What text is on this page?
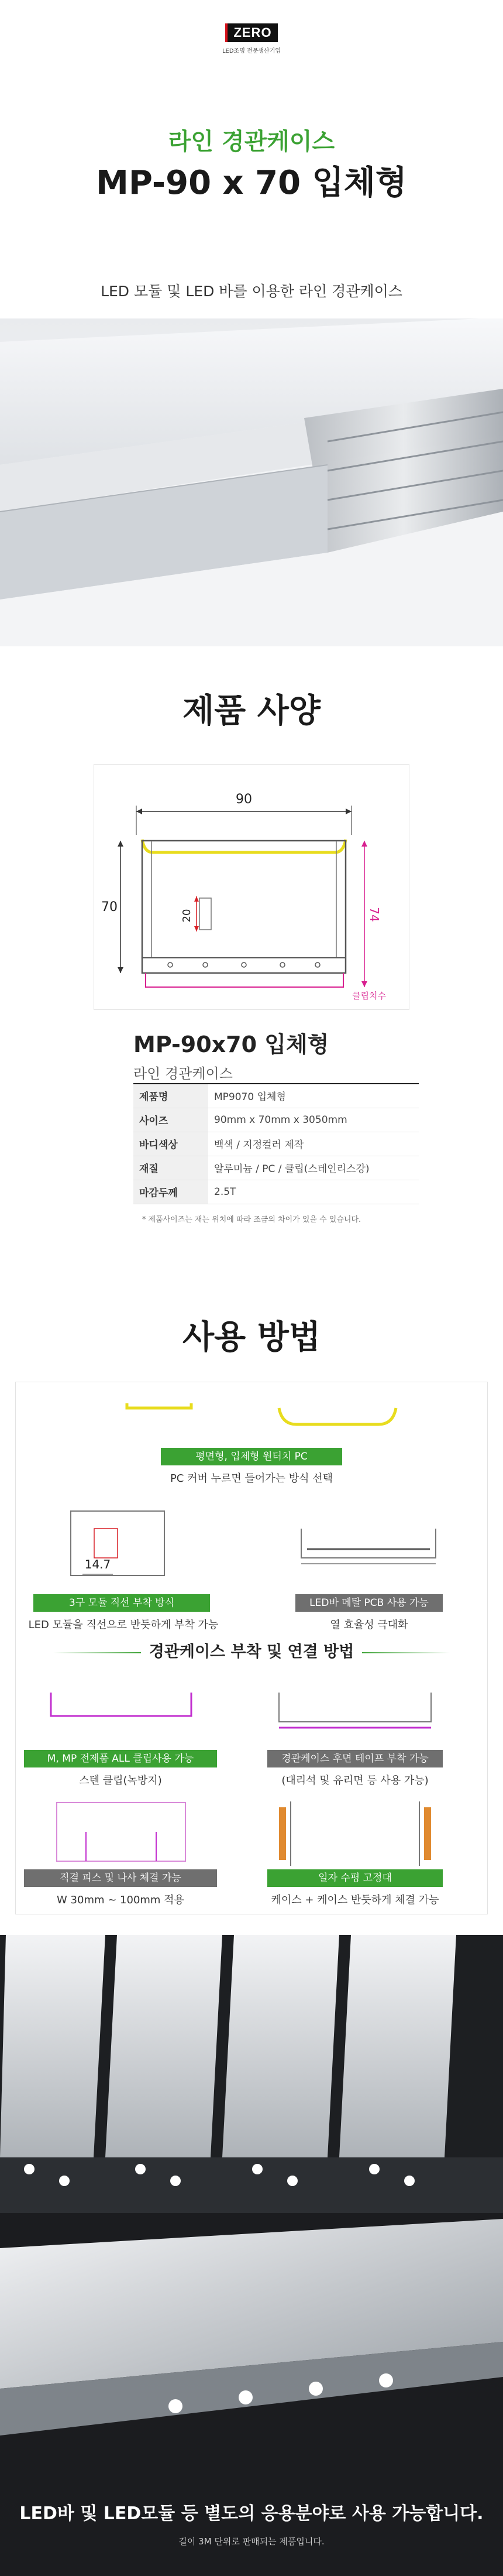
ZERO
LED조명 전문생산기업
라인 경관케이스
MP-90 x 70 입체형
LED 모듈 및 LED 바를 이용한 라인 경관케이스
제품 사양
90
70
20	74
클립치수
MP-90x70 입체형
라인 경관케이스
제품명	MP9070 입체형
사이즈	90mm x 70mm x 3050mm
바디색상	백색 / 지정컬러 제작
재질	알루미늄 / PC / 클립(스테인리스강)
마감두께	2.5T
* 제품사이즈는 재는 위치에 따라 조금의 차이가 있을 수 있습니다.
사용 방법
평면형, 입체형 원터치 PC
PC 커버 누르면 들어가는 방식 선택
14.7
3구 모듈 직선 부착 방식
LED 모듈을 직선으로 반듯하게 부착 가능
LED바 메탈 PCB 사용 가능
열 효율성 극대화
경관케이스 부착 및 연결 방법
M, MP 전제품 ALL 클립사용 가능
스텐 클립(녹방지)
경관케이스 후면 테이프 부착 가능
(대리석 및 유리면 등 사용 가능)
직결 피스 및 나사 체결 가능
W 30mm ~ 100mm 적용
일자 수평 고정대
케이스 + 케이스 반듯하게 체결 가능
LED바 및 LED모듈 등 별도의 응용분야로 사용 가능합니다.
길이 3M 단위로 판매되는 제품입니다.
